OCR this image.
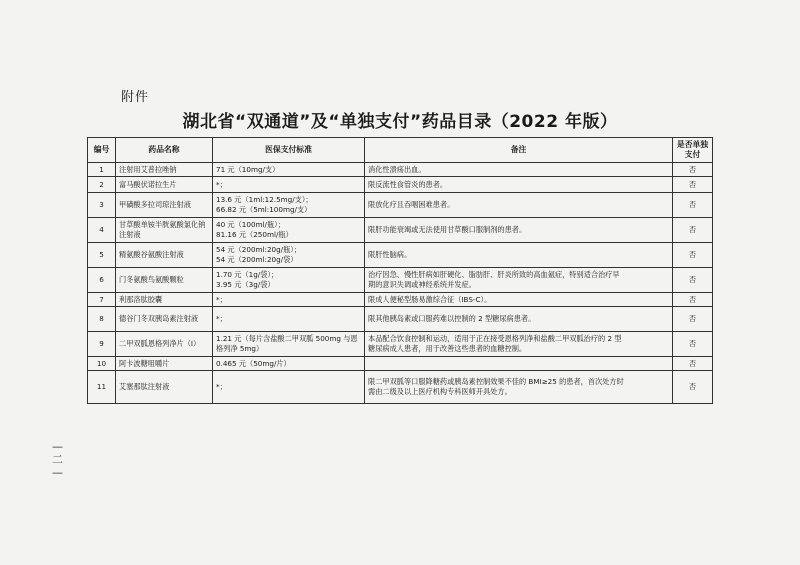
附件
湖北省“双通道”及“单独支付”药品目录（2022 年版）
编号	药品名称	医保支付标准	备注	是否单独支付
1	注射用艾普拉唑钠	71 元（10mg/支）	消化性溃疡出血。	否
2	富马酸伏诺拉生片	*；	限反流性食管炎的患者。	否
3	甲磺酸多拉司琼注射液	13.6 元（1ml:12.5mg/支）；
66.82 元（5ml:100mg/支）	限放化疗且吞咽困难患者。	否
4	甘草酸单铵半胱氨酸氯化钠注射液	40 元（100ml/瓶）；
81.16 元（250ml/瓶）	限肝功能衰竭或无法使用甘草酸口服制剂的患者。	否
5	精氨酸谷氨酸注射液	54 元（200ml:20g/瓶）；
54 元（200ml:20g/袋）	限肝性脑病。	否
6	门冬氨酸鸟氨酸颗粒	1.70 元（1g/袋）；
3.95 元（3g/袋）	治疗因急、慢性肝病如肝硬化、脂肪肝、肝炎所致的高血氨症，特别适合治疗早
期的意识失调或神经系统并发症。	否
7	利那洛肽胶囊	*；	限成人便秘型肠易激综合征（IBS-C）。	否
8	德谷门冬双胰岛素注射液	*；	限其他胰岛素或口服药难以控制的 2 型糖尿病患者。	否
9	二甲双胍恩格列净片（Ⅰ）	1.21 元（每片含盐酸二甲双胍 500mg 与恩
格列净 5mg）	本品配合饮食控制和运动，适用于正在接受恩格列净和盐酸二甲双胍治疗的 2 型
糖尿病成人患者，用于改善这些患者的血糖控制。	否
10	阿卡波糖咀嚼片	0.465 元（50mg/片）		否
11	艾塞那肽注射液	*；	限二甲双胍等口服降糖药或胰岛素控制效果不佳的 BMI≥25 的患者，首次处方时
需由二级及以上医疗机构专科医师开具处方。	否
—
二
—
